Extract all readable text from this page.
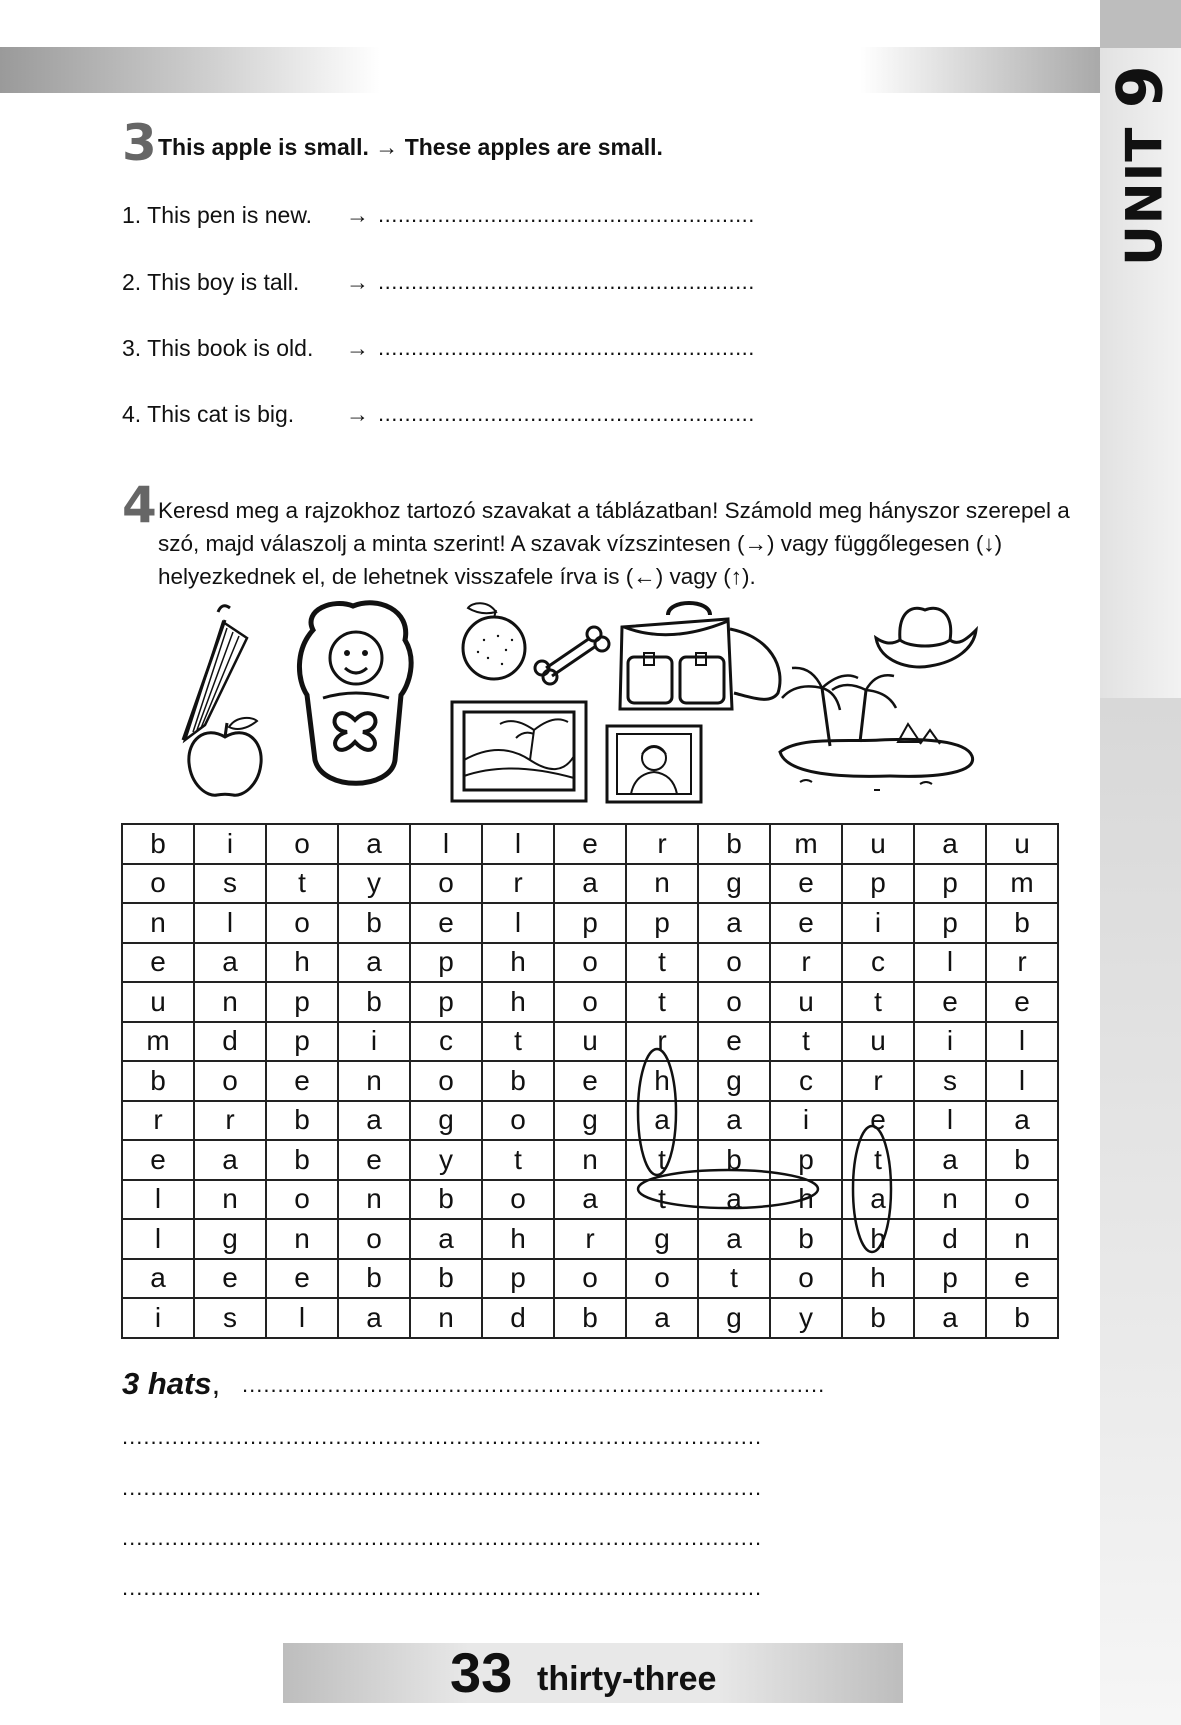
UNIT 9
3 This apple is small. → These apples are small.
1. This pen is new. → .........................................................
2. This boy is tall. → .........................................................
3. This book is old. → .........................................................
4. This cat is big. → .........................................................
4 Keresd meg a rajzokhoz tartozó szavakat a táblázatban! Számold meg hányszor szerepel a szó, majd válaszolj a minta szerint! A szavak vízszintesen (→) vagy függőlegesen (↓) helyezkednek el, de lehetnek visszafele írva is (←) vagy (↑).
b	i	o	a	l	l	e	r	b	m	u	a	u
o	s	t	y	o	r	a	n	g	e	p	p	m
n	l	o	b	e	l	p	p	a	e	i	p	b
e	a	h	a	p	h	o	t	o	r	c	l	r
u	n	p	b	p	h	o	t	o	u	t	e	e
m	d	p	i	c	t	u	r	e	t	u	i	l
b	o	e	n	o	b	e	h	g	c	r	s	l
r	r	b	a	g	o	g	a	a	i	e	l	a
e	a	b	e	y	t	n	t	b	p	t	a	b
l	n	o	n	b	o	a	t	a	h	a	n	o
l	g	n	o	a	h	r	g	a	b	h	d	n
a	e	e	b	b	p	o	o	t	o	h	p	e
i	s	l	a	n	d	b	a	g	y	b	a	b
3 hats, ..................................................................................
..........................................................................................
..........................................................................................
..........................................................................................
..........................................................................................
33 thirty-three
